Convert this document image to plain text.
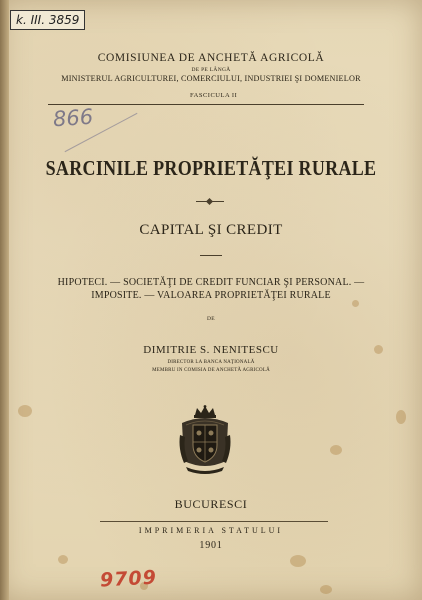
k. III. 3859
COMISIUNEA DE ANCHETĂ AGRICOLĂ
DE PE LÂNGĂ
MINISTERUL AGRICULTUREI, COMERCIULUI, INDUSTRIEI ŞI DOMENIELOR
FASCICULA II
866
SARCINILE PROPRIETĂŢEI RURALE
CAPITAL ŞI CREDIT
HIPOTECI. — SOCIETĂŢI DE CREDIT FUNCIAR ŞI PERSONAL. —
IMPOSITE. — VALOAREA PROPRIETĂŢEI RURALE
DE
DIMITRIE S. NENITESCU
DIRECTOR LA BANCA NAŢIONALĂ
MEMBRU IN COMISIA DE ANCHETĂ AGRICOLĂ
BUCURESCI
IMPRIMERIA STATULUI
1901
9709
